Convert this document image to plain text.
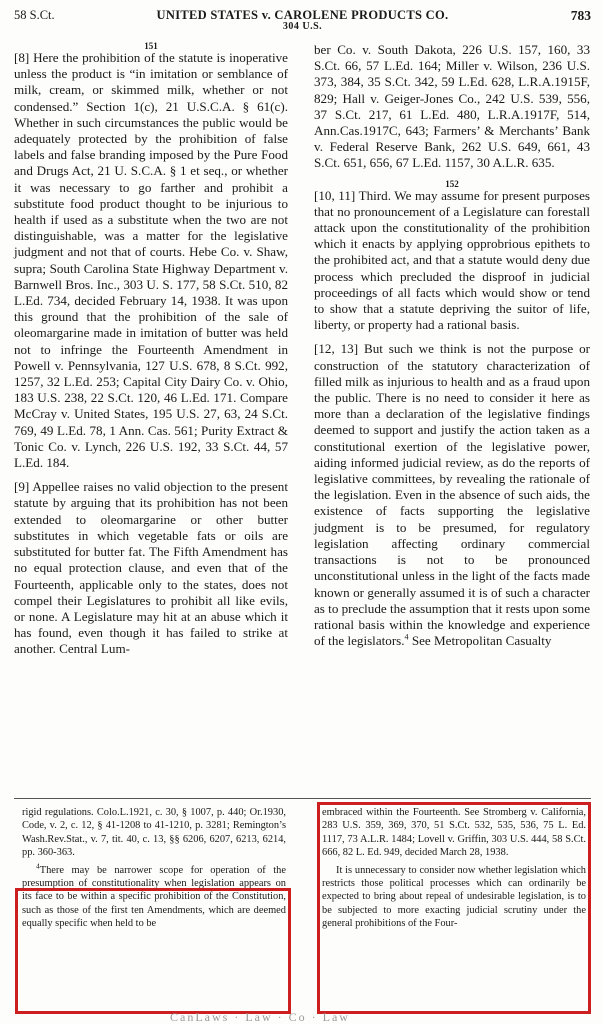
58 S.Ct.	UNITED STATES v. CAROLENE PRODUCTS CO.
304 U.S.
783
151

[8] Here the prohibition of the statute is inoperative unless the product is “in imitation or semblance of milk, cream, or skimmed milk, whether or not condensed.” Section 1(c), 21 U.S.C.A. § 61(c). Whether in such circumstances the public would be adequately protected by the prohibition of false labels and false branding imposed by the Pure Food and Drugs Act, 21 U. S.C.A. § 1 et seq., or whether it was necessary to go farther and prohibit a substitute food product thought to be injurious to health if used as a substitute when the two are not distinguishable, was a matter for the legislative judgment and not that of courts. Hebe Co. v. Shaw, supra; South Carolina State Highway Department v. Barnwell Bros. Inc., 303 U. S. 177, 58 S.Ct. 510, 82 L.Ed. 734, decided February 14, 1938. It was upon this ground that the prohibition of the sale of oleomargarine made in imitation of butter was held not to infringe the Fourteenth Amendment in Powell v. Pennsylvania, 127 U.S. 678, 8 S.Ct. 992, 1257, 32 L.Ed. 253; Capital City Dairy Co. v. Ohio, 183 U.S. 238, 22 S.Ct. 120, 46 L.Ed. 171. Compare McCray v. United States, 195 U.S. 27, 63, 24 S.Ct. 769, 49 L.Ed. 78, 1 Ann. Cas. 561; Purity Extract & Tonic Co. v. Lynch, 226 U.S. 192, 33 S.Ct. 44, 57 L.Ed. 184.

[9] Appellee raises no valid objection to the present statute by arguing that its prohibition has not been extended to oleomargarine or other butter substitutes in which vegetable fats or oils are substituted for butter fat. The Fifth Amendment has no equal protection clause, and even that of the Fourteenth, applicable only to the states, does not compel their Legislatures to prohibit all like evils, or none. A Legislature may hit at an abuse which it has found, even though it has failed to strike at another. Central Lum-

ber Co. v. South Dakota, 226 U.S. 157, 160, 33 S.Ct. 66, 57 L.Ed. 164; Miller v. Wilson, 236 U.S. 373, 384, 35 S.Ct. 342, 59 L.Ed. 628, L.R.A.1915F, 829; Hall v. Geiger-Jones Co., 242 U.S. 539, 556, 37 S.Ct. 217, 61 L.Ed. 480, L.R.A.1917F, 514, Ann.Cas.1917C, 643; Farmers’ & Merchants’ Bank v. Federal Reserve Bank, 262 U.S. 649, 661, 43 S.Ct. 651, 656, 67 L.Ed. 1157, 30 A.L.R. 635.

152

[10, 11] Third. We may assume for present purposes that no pronouncement of a Legislature can forestall attack upon the constitutionality of the prohibition which it enacts by applying opprobrious epithets to the prohibited act, and that a statute would deny due process which precluded the disproof in judicial proceedings of all facts which would show or tend to show that a statute depriving the suitor of life, liberty, or property had a rational basis.

[12, 13] But such we think is not the purpose or construction of the statutory characterization of filled milk as injurious to health and as a fraud upon the public. There is no need to consider it here as more than a declaration of the legislative findings deemed to support and justify the action taken as a constitutional exertion of the legislative power, aiding informed judicial review, as do the reports of legislative committees, by revealing the rationale of the legislation. Even in the absence of such aids, the existence of facts supporting the legislative judgment is to be presumed, for regulatory legislation affecting ordinary commercial transactions is not to be pronounced unconstitutional unless in the light of the facts made known or generally assumed it is of such a character as to preclude the assumption that it rests upon some rational basis within the knowledge and experience of the legislators.$^4$ See Metropolitan Casualty

rigid regulations. Colo.L.1921, c. 30, § 1007, p. 440; Or.1930, Code, v. 2, c. 12, § 41-1208 to 41-1210, p. 3281; Remington’s Wash.Rev.Stat., v. 7, tit. 40, c. 13, §§ 6206, 6207, 6213, 6214, pp. 360-363.

$^4$There may be narrower scope for operation of the presumption of constitutionality when legislation appears on its face to be within a specific prohibition of the Constitution, such as those of the first ten Amendments, which are deemed equally specific when held to be

embraced within the Fourteenth. See Stromberg v. California, 283 U.S. 359, 369, 370, 51 S.Ct. 532, 535, 536, 75 L. Ed. 1117, 73 A.L.R. 1484; Lovell v. Griffin, 303 U.S. 444, 58 S.Ct. 666, 82 L. Ed. 949, decided March 28, 1938.

It is unnecessary to consider now whether legislation which restricts those political processes which can ordinarily be expected to bring about repeal of undesirable legislation, is to be subjected to more exacting judicial scrutiny under the general prohibitions of the Four-

CanLaws · Law · Co · Law
